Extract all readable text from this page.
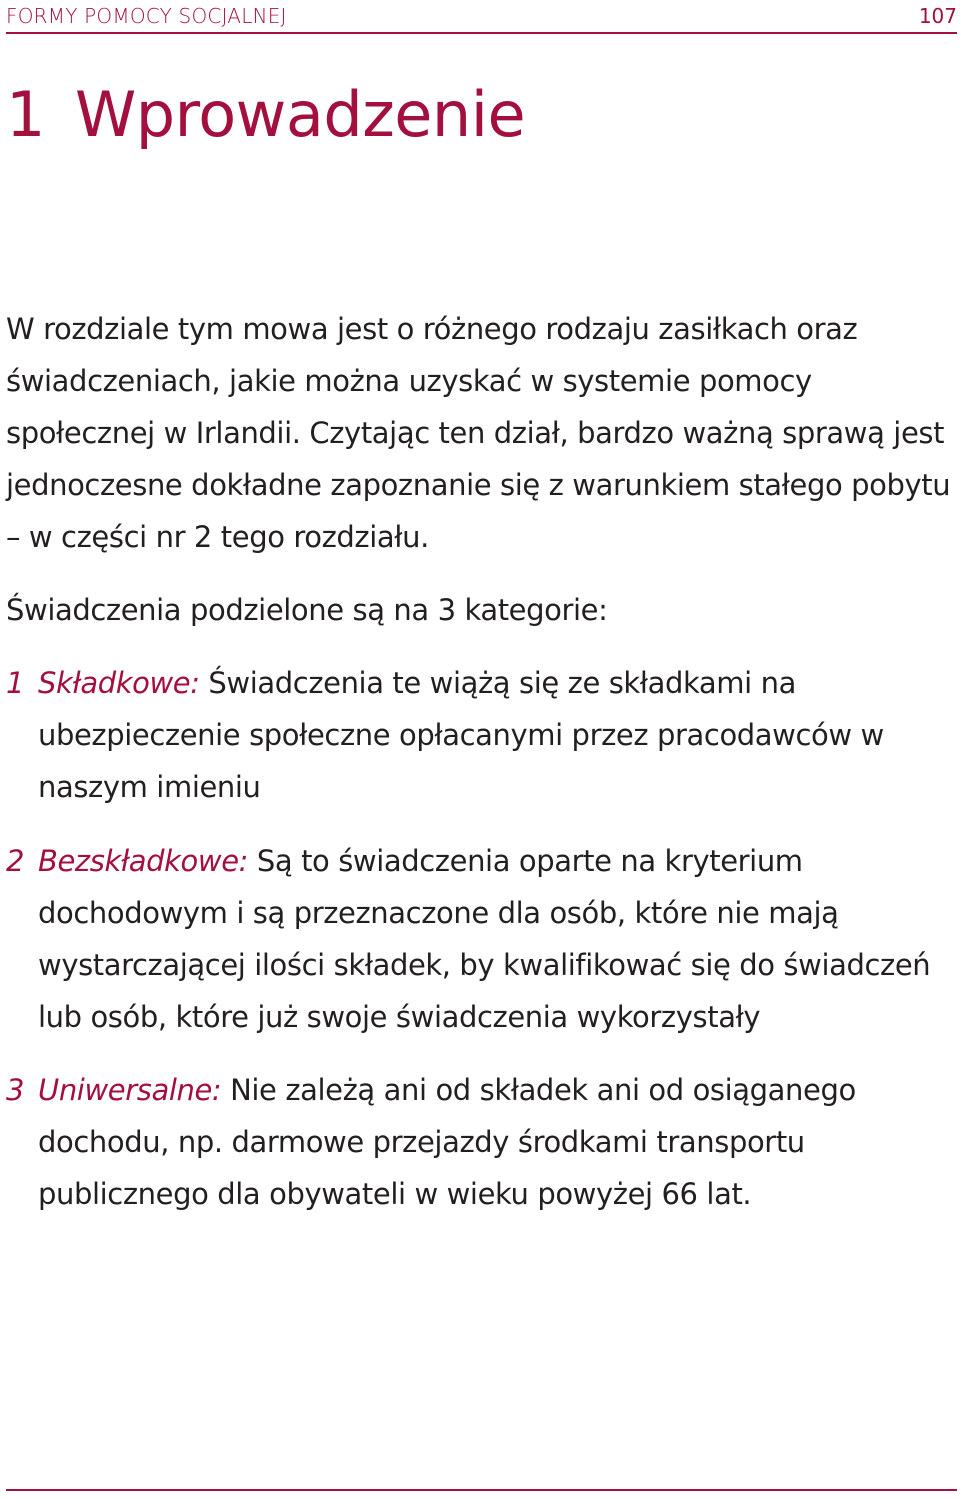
FORMY POMOCY SOCJALNEJ	107
1 Wprowadzenie

W rozdziale tym mowa jest o różnego rodzaju zasiłkach oraz świadczeniach, jakie można uzyskać w systemie pomocy społecznej w Irlandii. Czytając ten dział, bardzo ważną sprawą jest jednoczesne dokładne zapoznanie się z warunkiem stałego pobytu – w części nr 2 tego rozdziału.

Świadczenia podzielone są na 3 kategorie:

1 Składkowe: Świadczenia te wiążą się ze składkami na ubezpieczenie społeczne opłacanymi przez pracodawców w naszym imieniu

2 Bezskładkowe: Są to świadczenia oparte na kryterium dochodowym i są przeznaczone dla osób, które nie mają wystarczającej ilości składek, by kwalifikować się do świadczeń lub osób, które już swoje świadczenia wykorzystały

3 Uniwersalne: Nie zależą ani od składek ani od osiąganego dochodu, np. darmowe przejazdy środkami transportu publicznego dla obywateli w wieku powyżej 66 lat.
